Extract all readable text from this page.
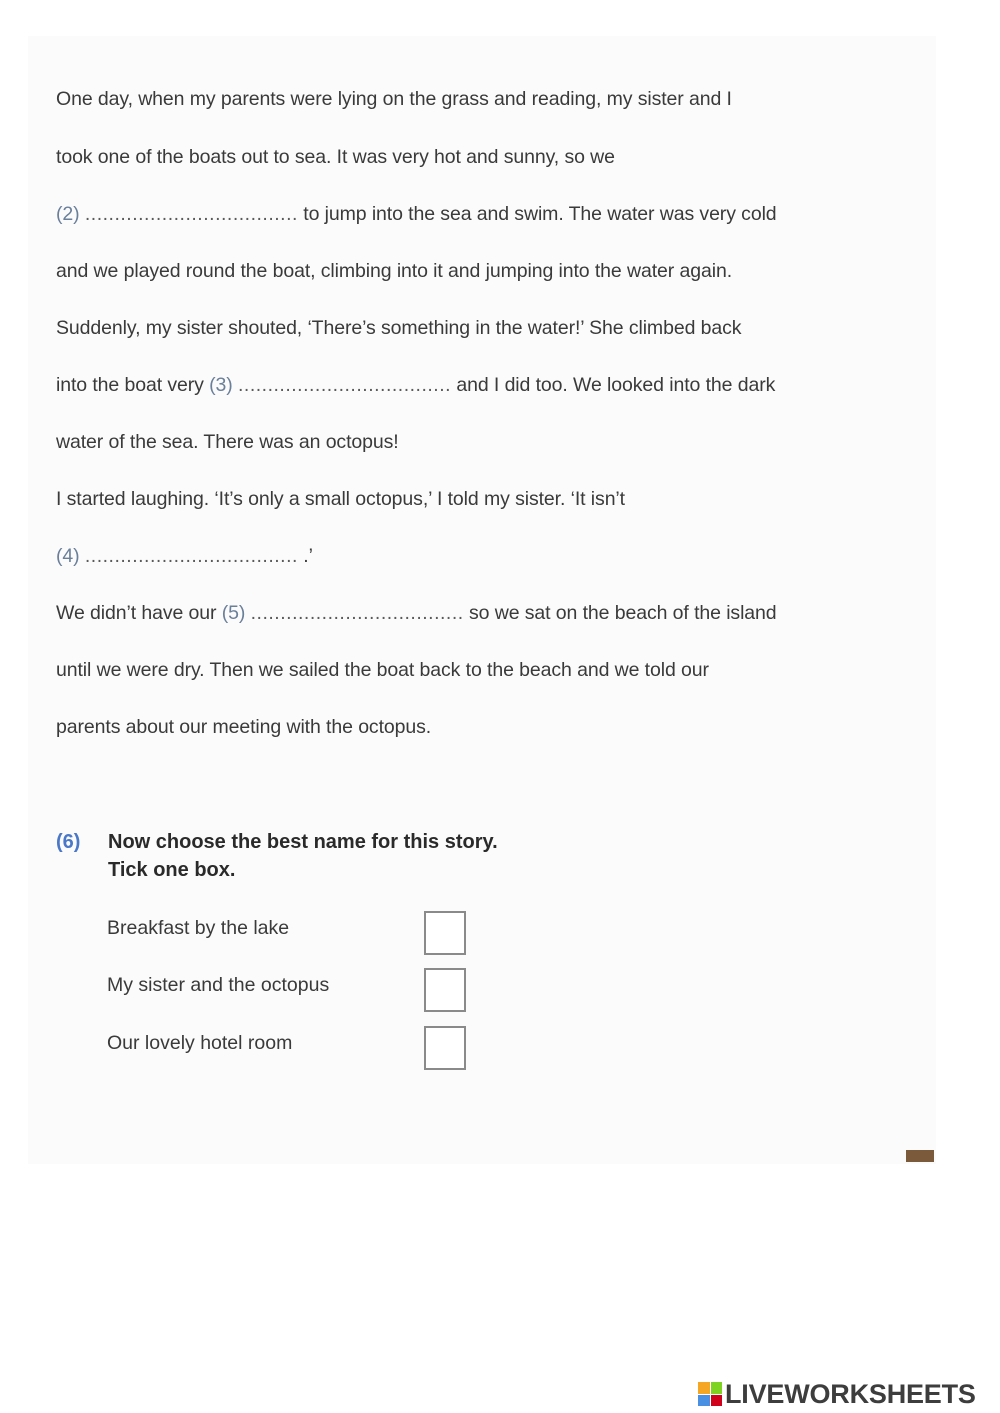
One day, when my parents were lying on the grass and reading, my sister and I
took one of the boats out to sea. It was very hot and sunny, so we
(2) .................................... to jump into the sea and swim. The water was very cold
and we played round the boat, climbing into it and jumping into the water again.
Suddenly, my sister shouted, ‘There’s something in the water!’ She climbed back
into the boat very (3) .................................... and I did too. We looked into the dark
water of the sea. There was an octopus!
I started laughing. ‘It’s only a small octopus,’ I told my sister. ‘It isn’t
(4) .................................... .’
We didn’t have our (5) .................................... so we sat on the beach of the island
until we were dry. Then we sailed the boat back to the beach and we told our
parents about our meeting with the octopus.
(6) Now choose the best name for this story.
Tick one box.
Breakfast by the lake
My sister and the octopus
Our lovely hotel room
LIVEWORKSHEETS
